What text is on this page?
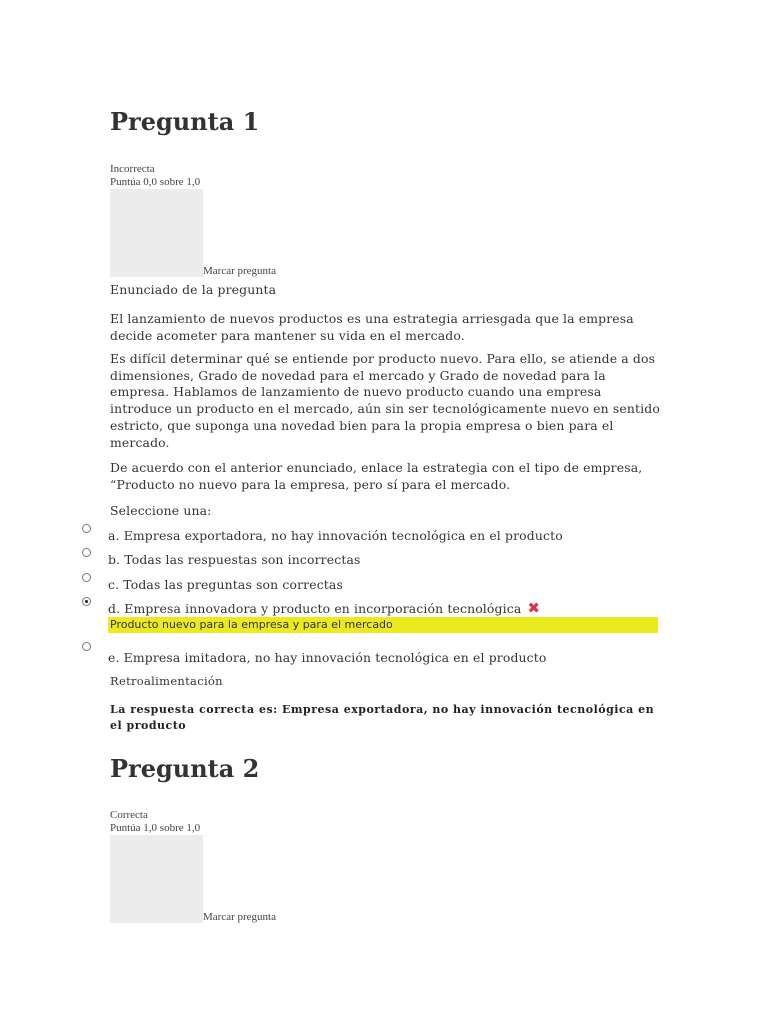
Pregunta 1
Incorrecta
Puntúa 0,0 sobre 1,0
Marcar pregunta
Enunciado de la pregunta

El lanzamiento de nuevos productos es una estrategia arriesgada que la empresa decide acometer para mantener su vida en el mercado.

Es difícil determinar qué se entiende por producto nuevo. Para ello, se atiende a dos dimensiones, Grado de novedad para el mercado y Grado de novedad para la empresa. Hablamos de lanzamiento de nuevo producto cuando una empresa introduce un producto en el mercado, aún sin ser tecnológicamente nuevo en sentido estricto, que suponga una novedad bien para la propia empresa o bien para el mercado.

De acuerdo con el anterior enunciado, enlace la estrategia con el tipo de empresa, “Producto no nuevo para la empresa, pero sí para el mercado.

Seleccione una:
a. Empresa exportadora, no hay innovación tecnológica en el producto
b. Todas las respuestas son incorrectas
c. Todas las preguntas son correctas
d. Empresa innovadora y producto en incorporación tecnológica ✖
Producto nuevo para la empresa y para el mercado
e. Empresa imitadora, no hay innovación tecnológica en el producto
Retroalimentación

La respuesta correcta es: Empresa exportadora, no hay innovación tecnológica en el producto

Pregunta 2
Correcta
Puntúa 1,0 sobre 1,0
Marcar pregunta
